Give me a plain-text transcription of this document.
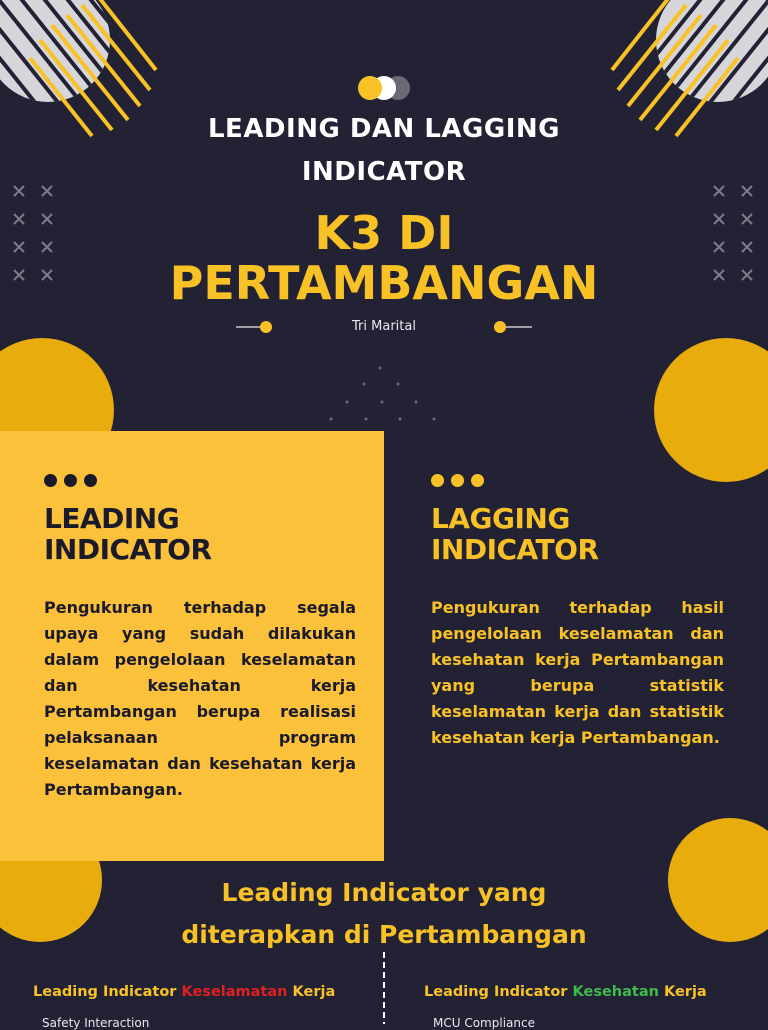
LEADING DAN LAGGING
INDICATOR
K3 DI
PERTAMBANGAN
Tri Marital
LEADING
INDICATOR
Pengukuran terhadap segala upaya yang sudah dilakukan dalam pengelolaan keselamatan dan kesehatan kerja Pertambangan berupa realisasi pelaksanaan program keselamatan dan kesehatan kerja Pertambangan.
LAGGING
INDICATOR
Pengukuran terhadap hasil pengelolaan keselamatan dan kesehatan kerja Pertambangan yang berupa statistik keselamatan kerja dan statistik kesehatan kerja Pertambangan.
Leading Indicator yang
diterapkan di Pertambangan
Leading Indicator Keselamatan Kerja	Leading Indicator Kesehatan Kerja
Safety Interaction	MCU Compliance
